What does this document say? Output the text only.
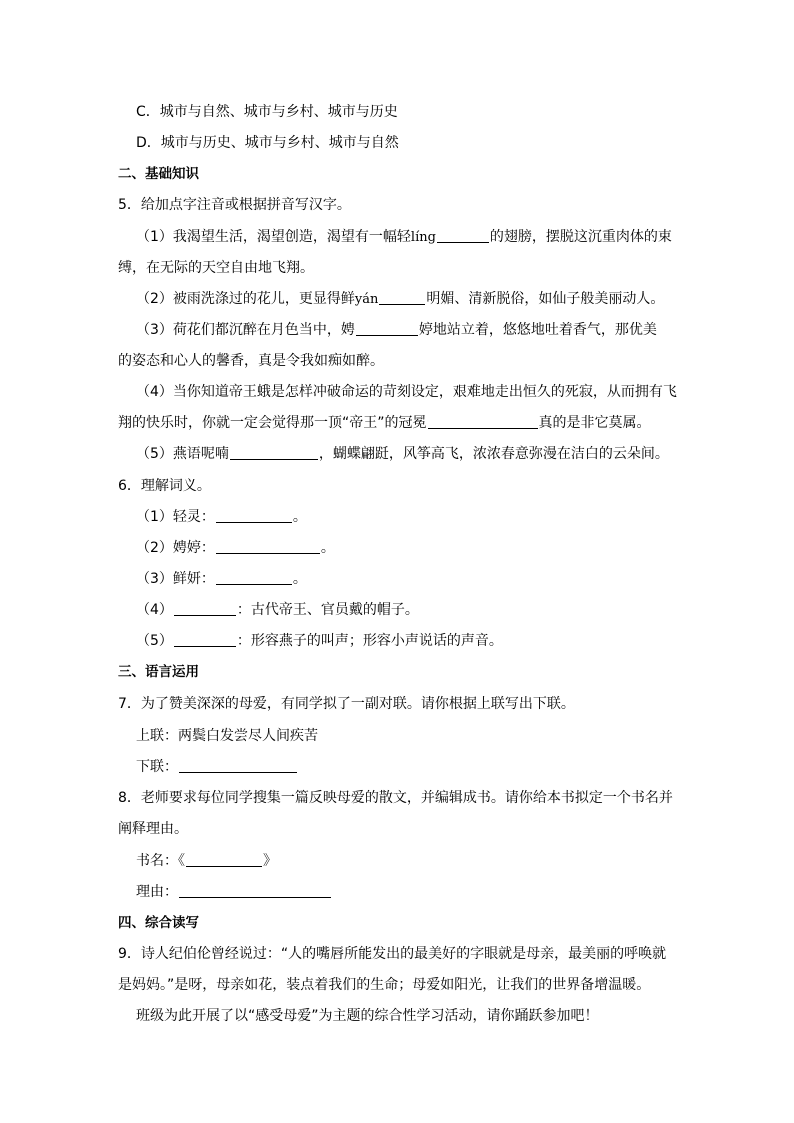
C．城市与自然、城市与乡村、城市与历史
D．城市与历史、城市与乡村、城市与自然
二、基础知识
5．给加点字注音或根据拼音写汉字。
（1）我渴望生活，渴望创造，渴望有一幅轻líng	的翅膀，摆脱这沉重肉体的束
缚，在无际的天空自由地飞翔。
（2）被雨洗涤过的花儿，更显得鲜yán	明媚、清新脱俗，如仙子般美丽动人。
（3）荷花们都沉醉在月色当中，娉	婷地站立着，悠悠地吐着香气，那优美
的姿态和心人的馨香，真是令我如痴如醉。
（4）当你知道帝王蛾是怎样冲破命运的苛刻设定，艰难地走出恒久的死寂，从而拥有飞
翔的快乐时，你就一定会觉得那一顶“帝王”的冠冕	真的是非它莫属。
（5）燕语呢喃	，蝴蝶翩跹，风筝高飞，浓浓春意弥漫在洁白的云朵间。
6．理解词义。
（1）轻灵：	。
（2）娉婷：	。
（3）鲜妍：	。
（4）	：古代帝王、官员戴的帽子。
（5）	：形容燕子的叫声；形容小声说话的声音。
三、语言运用
7．为了赞美深深的母爱，有同学拟了一副对联。请你根据上联写出下联。
上联：两鬓白发尝尽人间疾苦
下联：
8．老师要求每位同学搜集一篇反映母爱的散文，并编辑成书。请你给本书拟定一个书名并
阐释理由。
书名：《	》
理由：
四、综合读写
9．诗人纪伯伦曾经说过：“人的嘴唇所能发出的最美好的字眼就是母亲，最美丽的呼唤就
是妈妈。”是呀，母亲如花，装点着我们的生命；母爱如阳光，让我们的世界备增温暖。
班级为此开展了以“感受母爱”为主题的综合性学习活动，请你踊跃参加吧！
